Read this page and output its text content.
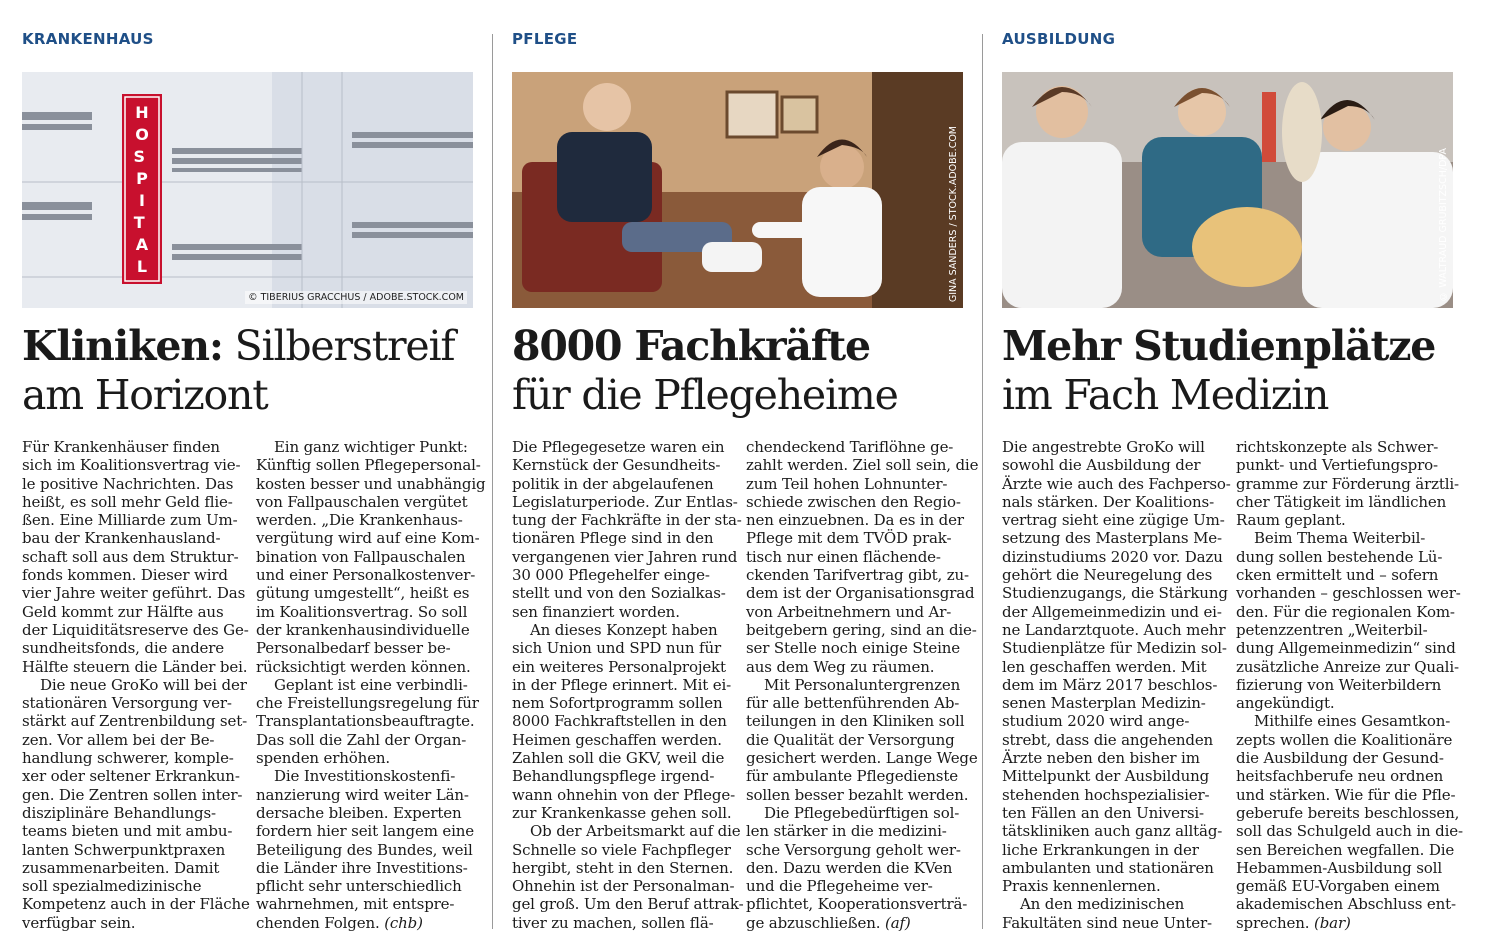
KRANKENHAUS
H O S P I T A L
© TIBERIUS GRACCHUS / ADOBE.STOCK.COM
Kliniken: Silberstreif
am Horizont
Für Krankenhäuser finden
sich im Koalitionsvertrag vie-
le positive Nachrichten. Das
heißt, es soll mehr Geld flie-
ßen. Eine Milliarde zum Um-
bau der Krankenhausland-
schaft soll aus dem Struktur-
fonds kommen. Dieser wird
vier Jahre weiter geführt. Das
Geld kommt zur Hälfte aus
der Liquiditätsreserve des Ge-
sundheitsfonds, die andere
Hälfte steuern die Länder bei.
Die neue GroKo will bei der
stationären Versorgung ver-
stärkt auf Zentrenbildung set-
zen. Vor allem bei der Be-
handlung schwerer, komple-
xer oder seltener Erkrankun-
gen. Die Zentren sollen inter-
disziplinäre Behandlungs-
teams bieten und mit ambu-
lanten Schwerpunktpraxen
zusammenarbeiten. Damit
soll spezialmedizinische
Kompetenz auch in der Fläche
verfügbar sein.
Ein ganz wichtiger Punkt:
Künftig sollen Pflegepersonal-
kosten besser und unabhängig
von Fallpauschalen vergütet
werden. „Die Krankenhaus-
vergütung wird auf eine Kom-
bination von Fallpauschalen
und einer Personalkostenver-
gütung umgestellt“, heißt es
im Koalitionsvertrag. So soll
der krankenhausindividuelle
Personalbedarf besser be-
rücksichtigt werden können.
Geplant ist eine verbindli-
che Freistellungsregelung für
Transplantationsbeauftragte.
Das soll die Zahl der Organ-
spenden erhöhen.
Die Investitionskostenfi-
nanzierung wird weiter Län-
dersache bleiben. Experten
fordern hier seit langem eine
Beteiligung des Bundes, weil
die Länder ihre Investitions-
pflicht sehr unterschiedlich
wahrnehmen, mit entspre-
chenden Folgen. (chb)
PFLEGE
GINA SANDERS / STOCK.ADOBE.COM
8000 Fachkräfte
für die Pflegeheime
Die Pflegegesetze waren ein
Kernstück der Gesundheits-
politik in der abgelaufenen
Legislaturperiode. Zur Entlas-
tung der Fachkräfte in der sta-
tionären Pflege sind in den
vergangenen vier Jahren rund
30 000 Pflegehelfer einge-
stellt und von den Sozialkas-
sen finanziert worden.
An dieses Konzept haben
sich Union und SPD nun für
ein weiteres Personalprojekt
in der Pflege erinnert. Mit ei-
nem Sofortprogramm sollen
8000 Fachkraftstellen in den
Heimen geschaffen werden.
Zahlen soll die GKV, weil die
Behandlungspflege irgend-
wann ohnehin von der Pflege-
zur Krankenkasse gehen soll.
Ob der Arbeitsmarkt auf die
Schnelle so viele Fachpfleger
hergibt, steht in den Sternen.
Ohnehin ist der Personalman-
gel groß. Um den Beruf attrak-
tiver zu machen, sollen flä-
chendeckend Tariflöhne ge-
zahlt werden. Ziel soll sein, die
zum Teil hohen Lohnunter-
schiede zwischen den Regio-
nen einzuebnen. Da es in der
Pflege mit dem TVÖD prak-
tisch nur einen flächende-
ckenden Tarifvertrag gibt, zu-
dem ist der Organisationsgrad
von Arbeitnehmern und Ar-
beitgebern gering, sind an die-
ser Stelle noch einige Steine
aus dem Weg zu räumen.
Mit Personaluntergrenzen
für alle bettenführenden Ab-
teilungen in den Kliniken soll
die Qualität der Versorgung
gesichert werden. Lange Wege
für ambulante Pflegedienste
sollen besser bezahlt werden.
Die Pflegebedürftigen sol-
len stärker in die medizini-
sche Versorgung geholt wer-
den. Dazu werden die KVen
und die Pflegeheime ver-
pflichtet, Kooperationsverträ-
ge abzuschließen. (af)
AUSBILDUNG
© WALTRAUD GRUBITZSCH/DPA
Mehr Studienplätze
im Fach Medizin
Die angestrebte GroKo will
sowohl die Ausbildung der
Ärzte wie auch des Fachperso-
nals stärken. Der Koalitions-
vertrag sieht eine zügige Um-
setzung des Masterplans Me-
dizinstudiums 2020 vor. Dazu
gehört die Neuregelung des
Studienzugangs, die Stärkung
der Allgemeinmedizin und ei-
ne Landarztquote. Auch mehr
Studienplätze für Medizin sol-
len geschaffen werden. Mit
dem im März 2017 beschlos-
senen Masterplan Medizin-
studium 2020 wird ange-
strebt, dass die angehenden
Ärzte neben den bisher im
Mittelpunkt der Ausbildung
stehenden hochspezialisier-
ten Fällen an den Universi-
tätskliniken auch ganz alltäg-
liche Erkrankungen in der
ambulanten und stationären
Praxis kennenlernen.
An den medizinischen
Fakultäten sind neue Unter-
richtskonzepte als Schwer-
punkt- und Vertiefungspro-
gramme zur Förderung ärztli-
cher Tätigkeit im ländlichen
Raum geplant.
Beim Thema Weiterbil-
dung sollen bestehende Lü-
cken ermittelt und – sofern
vorhanden – geschlossen wer-
den. Für die regionalen Kom-
petenzzentren „Weiterbil-
dung Allgemeinmedizin“ sind
zusätzliche Anreize zur Quali-
fizierung von Weiterbildern
angekündigt.
Mithilfe eines Gesamtkon-
zepts wollen die Koalitionäre
die Ausbildung der Gesund-
heitsfachberufe neu ordnen
und stärken. Wie für die Pfle-
geberufe bereits beschlossen,
soll das Schulgeld auch in die-
sen Bereichen wegfallen. Die
Hebammen-Ausbildung soll
gemäß EU-Vorgaben einem
akademischen Abschluss ent-
sprechen. (bar)
